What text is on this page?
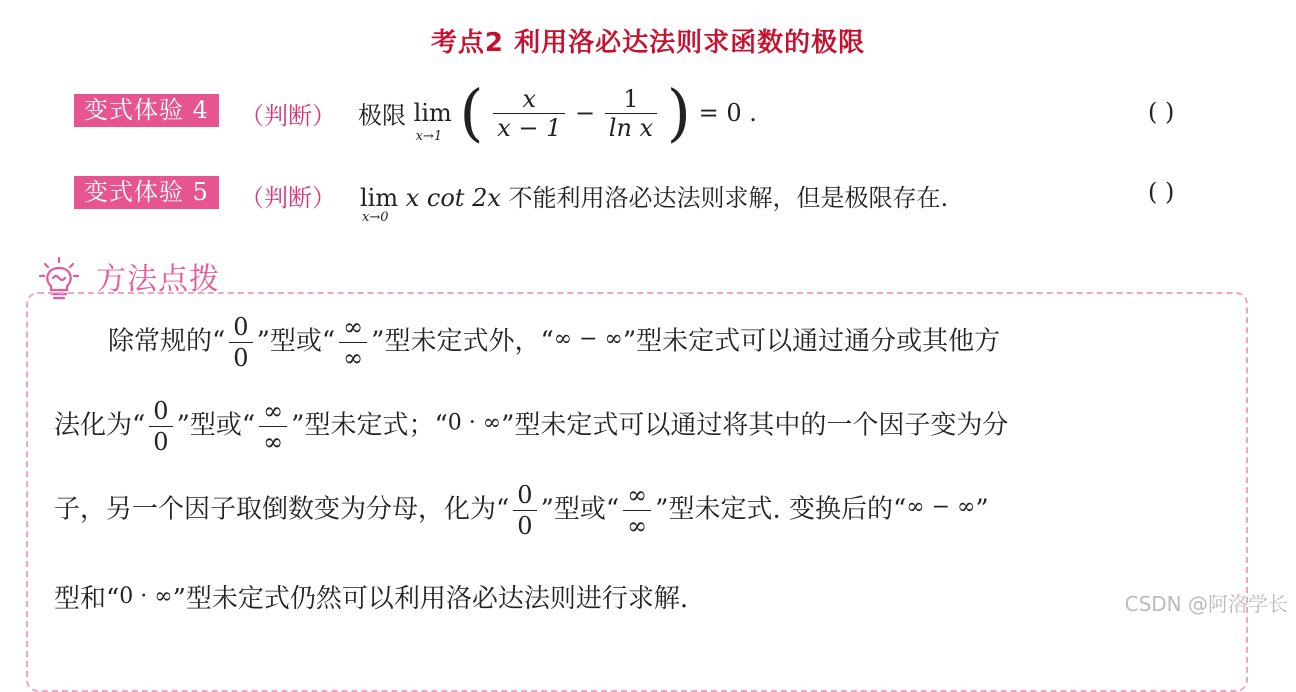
考点2 利用洛必达法则求函数的极限
变式体验 4	（判断） 极限 lim
x→1 ( $\frac{x}{x - 1} - \frac{1}{\text{ln x}}$ ) = 0 .	( )
变式体验 5	（判断） lim
x→0
x cot 2x 不能利用洛必达法则求解，但是极限存在.	( )
方法点拨
除常规的“ $\frac{0}{0}$ ”型或“ $\frac{\infty}{\infty}$ ”型未定式外，“∞ − ∞”型未定式可以通过通分或其他方
法化为“ $\frac{0}{0}$ ”型或“ $\frac{\infty}{\infty}$ ”型未定式；“0 · ∞”型未定式可以通过将其中的一个因子变为分
子，另一个因子取倒数变为分母，化为“ $\frac{0}{0}$ ”型或“ $\frac{\infty}{\infty}$ ”型未定式. 变换后的“∞ − ∞”
型和“0 · ∞”型未定式仍然可以利用洛必达法则进行求解.	CSDN @阿洛学长
